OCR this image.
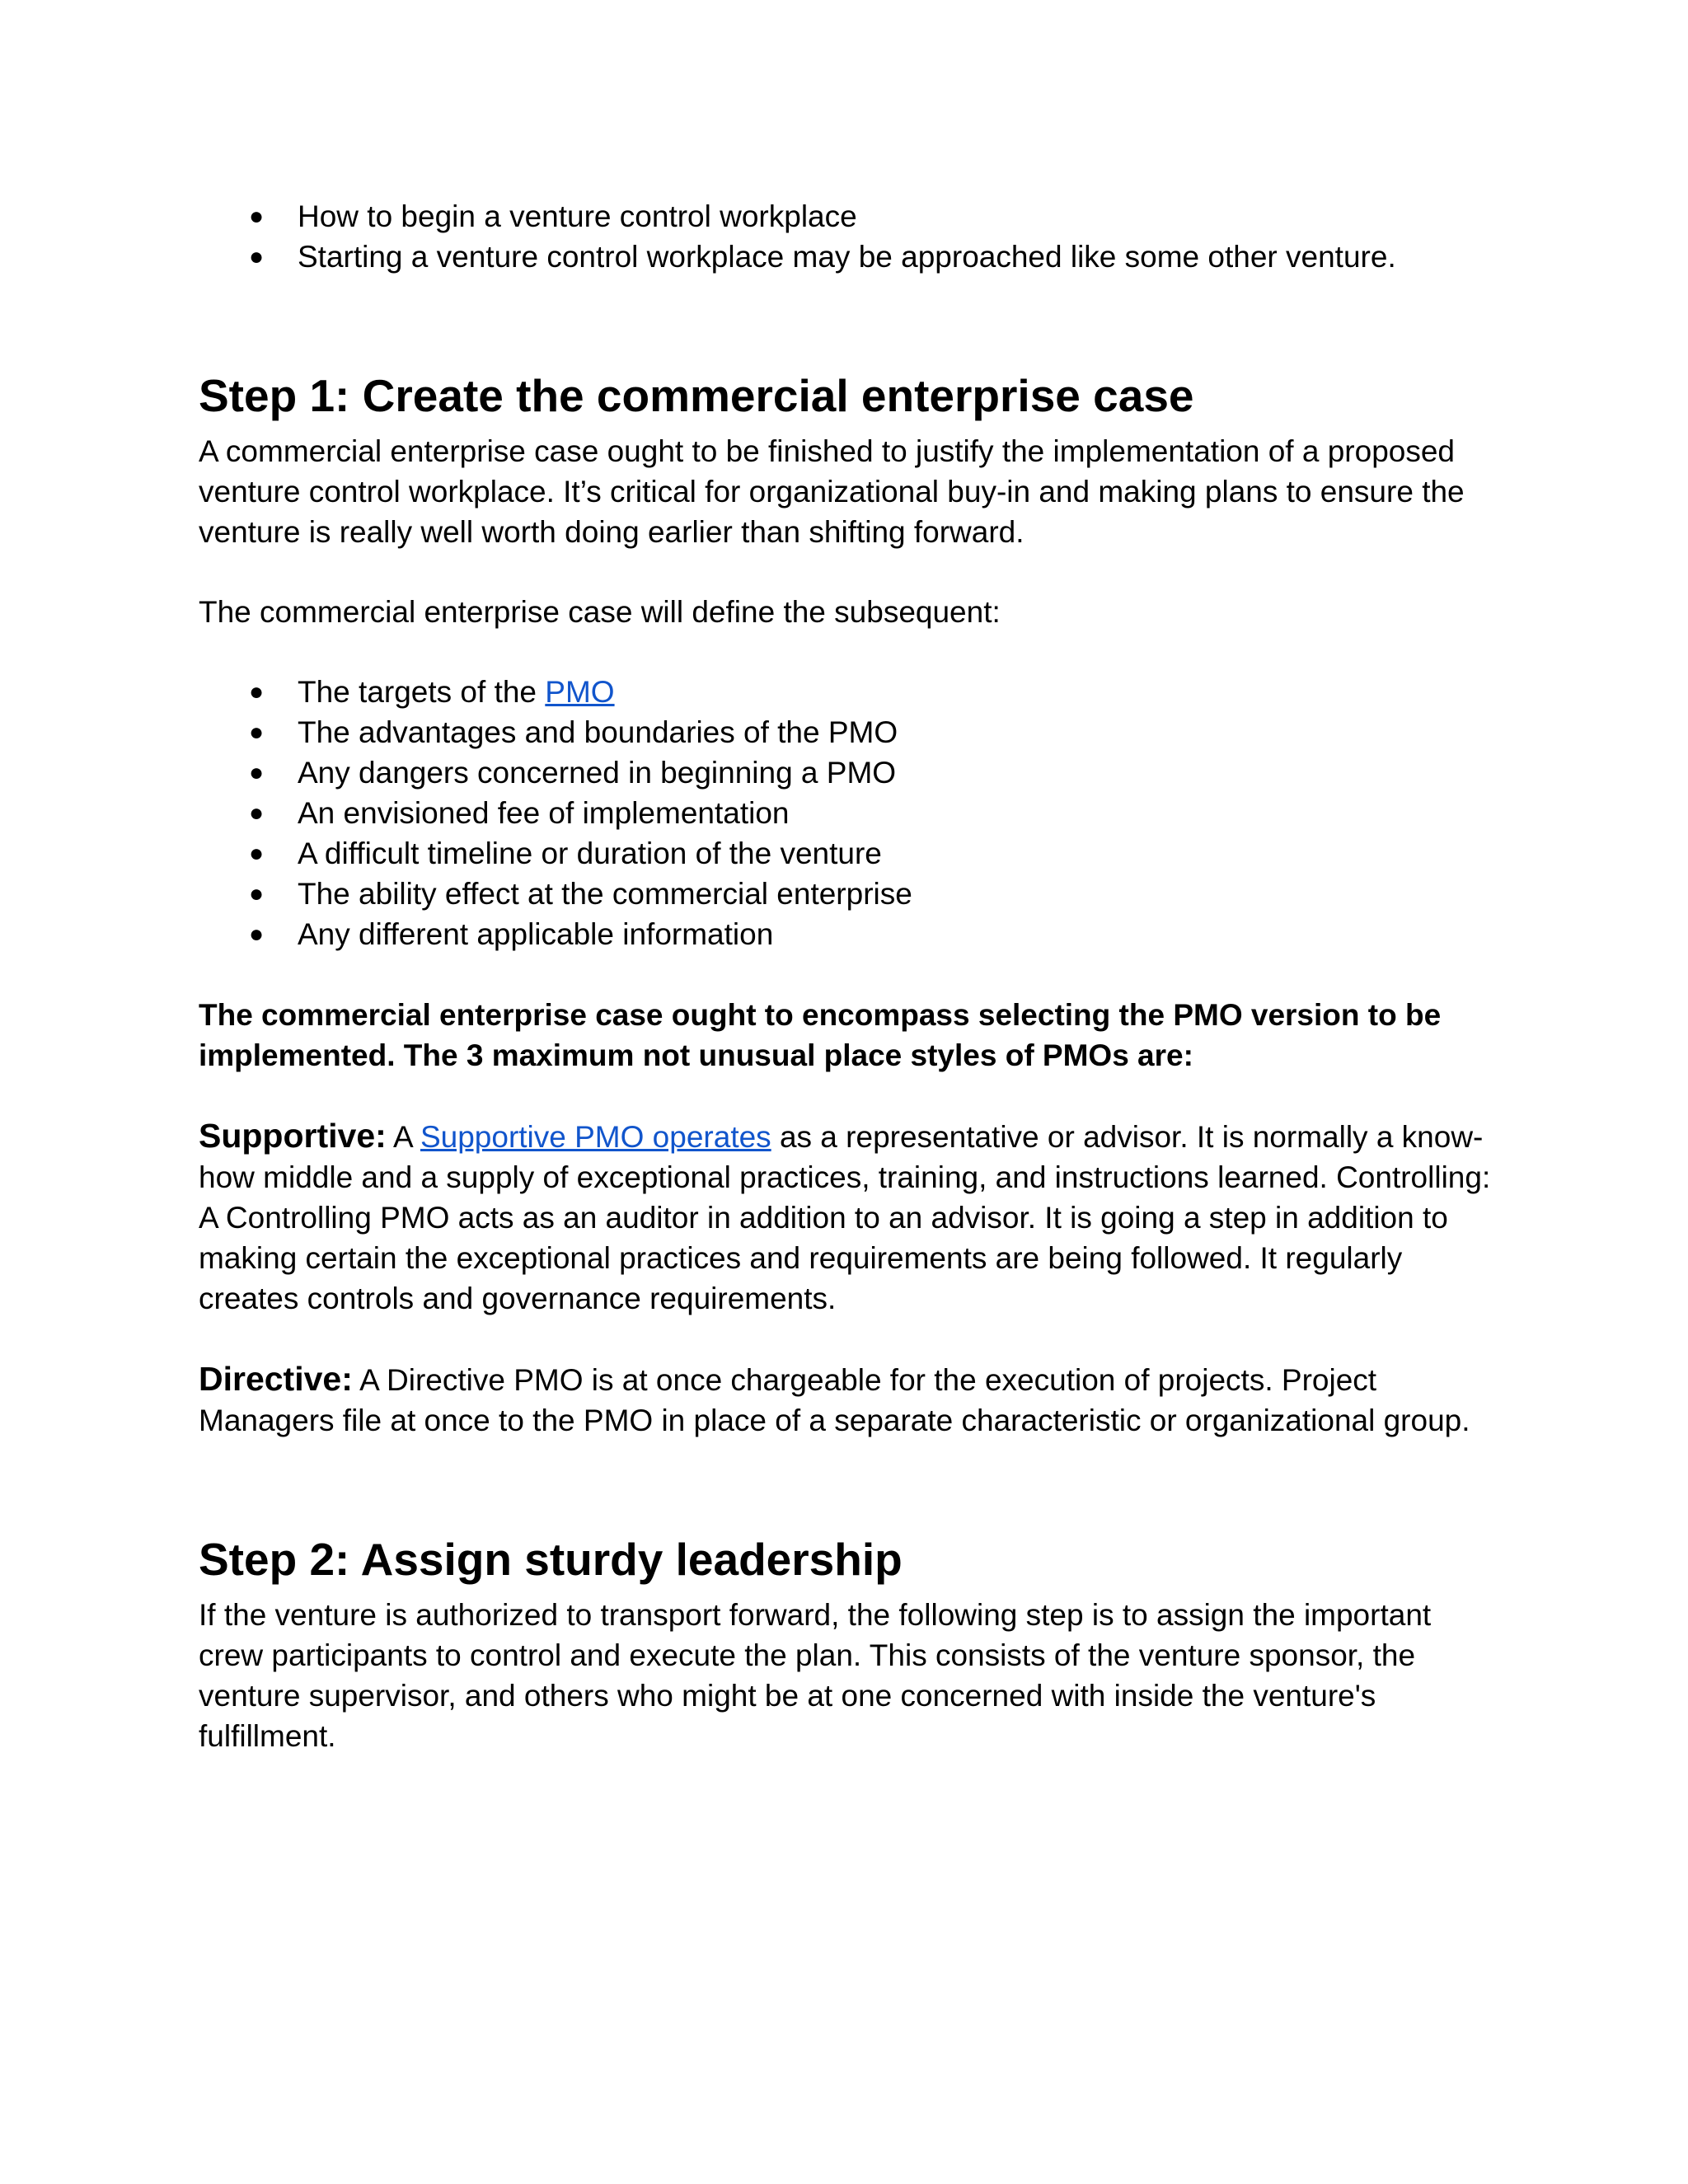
● How to begin a venture control workplace
● Starting a venture control workplace may be approached like some other venture.
Step 1: Create the commercial enterprise case

A commercial enterprise case ought to be finished to justify the implementation of a proposed venture control workplace. It’s critical for organizational buy-in and making plans to ensure the venture is really well worth doing earlier than shifting forward.

The commercial enterprise case will define the subsequent:

● The targets of the PMO
● The advantages and boundaries of the PMO
● Any dangers concerned in beginning a PMO
● An envisioned fee of implementation
● A difficult timeline or duration of the venture
● The ability effect at the commercial enterprise
● Any different applicable information

The commercial enterprise case ought to encompass selecting the PMO version to be implemented. The 3 maximum not unusual place styles of PMOs are:

Supportive: A Supportive PMO operates as a representative or advisor. It is normally a know-how middle and a supply of exceptional practices, training, and instructions learned. Controlling: A Controlling PMO acts as an auditor in addition to an advisor. It is going a step in addition to making certain the exceptional practices and requirements are being followed. It regularly creates controls and governance requirements.

Directive: A Directive PMO is at once chargeable for the execution of projects. Project Managers file at once to the PMO in place of a separate characteristic or organizational group.

Step 2: Assign sturdy leadership

If the venture is authorized to transport forward, the following step is to assign the important crew participants to control and execute the plan. This consists of the venture sponsor, the venture supervisor, and others who might be at one concerned with inside the venture's fulfillment.
